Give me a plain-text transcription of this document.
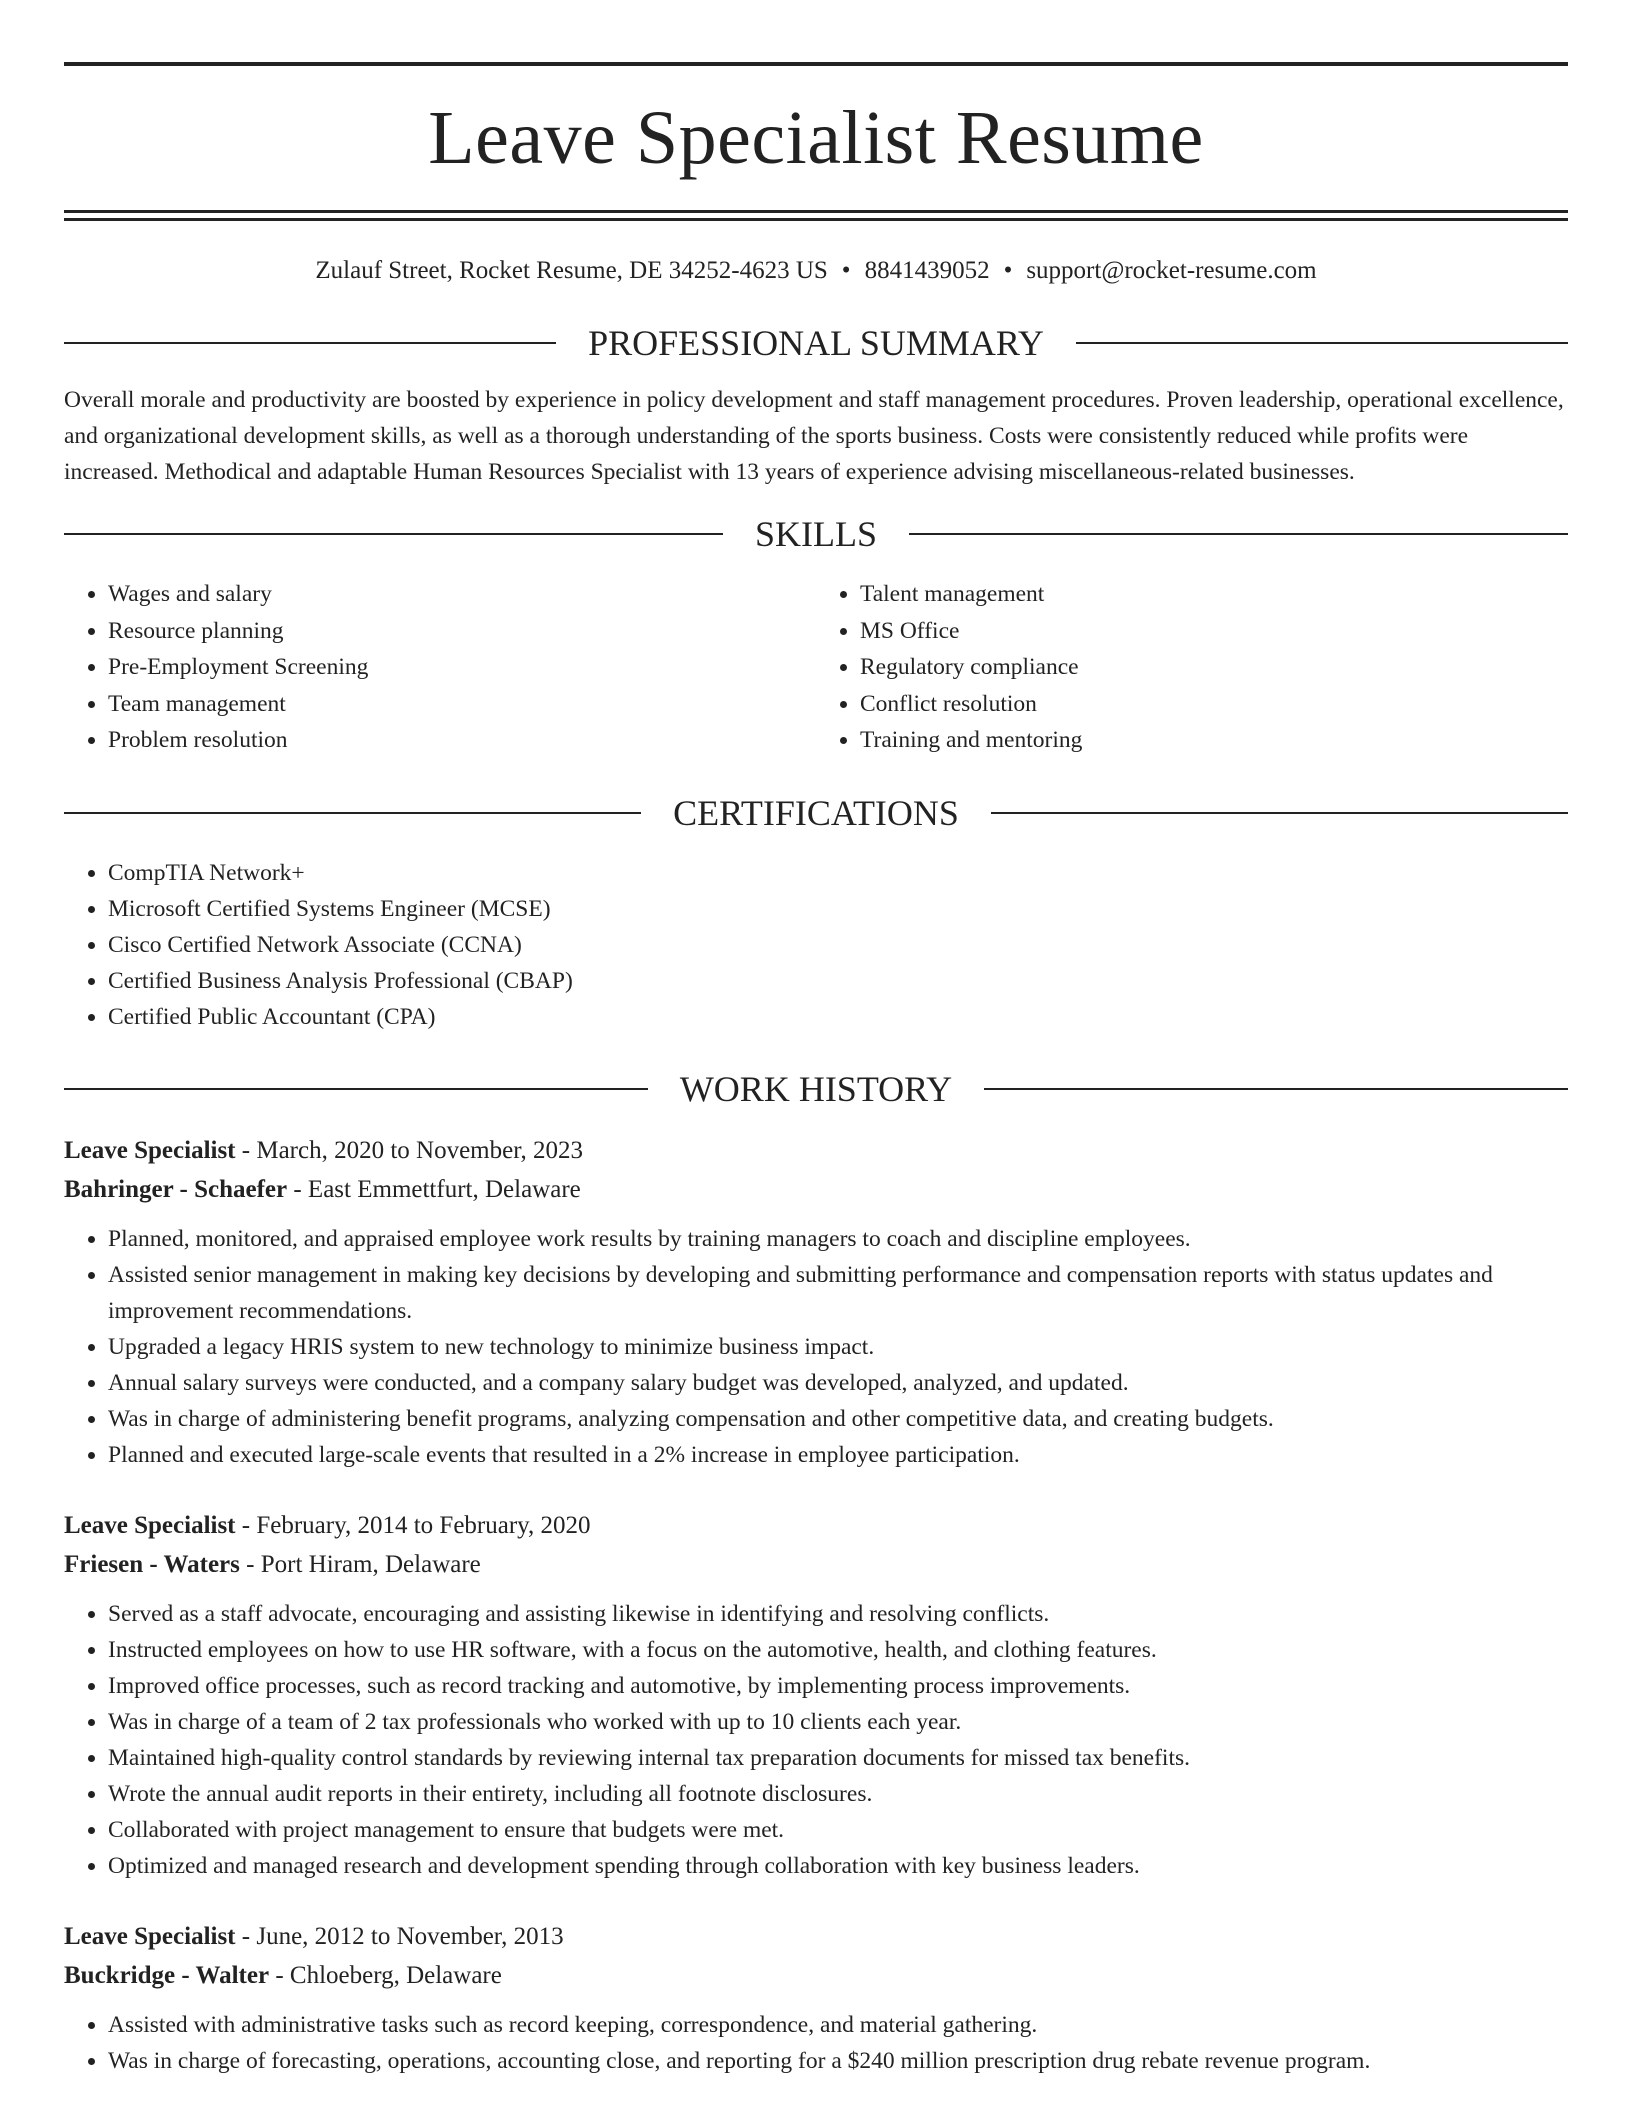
Leave Specialist Resume
Zulauf Street, Rocket Resume, DE 34252-4623 US • 8841439052 • support@rocket-resume.com
PROFESSIONAL SUMMARY

Overall morale and productivity are boosted by experience in policy development and staff management procedures. Proven leadership, operational excellence, and organizational development skills, as well as a thorough understanding of the sports business. Costs were consistently reduced while profits were increased. Methodical and adaptable Human Resources Specialist with 13 years of experience advising miscellaneous-related businesses.

SKILLS
• Wages and salary
• Resource planning
• Pre-Employment Screening
• Team management
• Problem resolution
• Talent management
• MS Office
• Regulatory compliance
• Conflict resolution
• Training and mentoring
CERTIFICATIONS
• CompTIA Network+
• Microsoft Certified Systems Engineer (MCSE)
• Cisco Certified Network Associate (CCNA)
• Certified Business Analysis Professional (CBAP)
• Certified Public Accountant (CPA)
WORK HISTORY
Leave Specialist - March, 2020 to November, 2023
Bahringer - Schaefer - East Emmettfurt, Delaware
• Planned, monitored, and appraised employee work results by training managers to coach and discipline employees.
• Assisted senior management in making key decisions by developing and submitting performance and compensation reports with status updates and improvement recommendations.
• Upgraded a legacy HRIS system to new technology to minimize business impact.
• Annual salary surveys were conducted, and a company salary budget was developed, analyzed, and updated.
• Was in charge of administering benefit programs, analyzing compensation and other competitive data, and creating budgets.
• Planned and executed large-scale events that resulted in a 2% increase in employee participation.
Leave Specialist - February, 2014 to February, 2020
Friesen - Waters - Port Hiram, Delaware
• Served as a staff advocate, encouraging and assisting likewise in identifying and resolving conflicts.
• Instructed employees on how to use HR software, with a focus on the automotive, health, and clothing features.
• Improved office processes, such as record tracking and automotive, by implementing process improvements.
• Was in charge of a team of 2 tax professionals who worked with up to 10 clients each year.
• Maintained high-quality control standards by reviewing internal tax preparation documents for missed tax benefits.
• Wrote the annual audit reports in their entirety, including all footnote disclosures.
• Collaborated with project management to ensure that budgets were met.
• Optimized and managed research and development spending through collaboration with key business leaders.
Leave Specialist - June, 2012 to November, 2013
Buckridge - Walter - Chloeberg, Delaware
• Assisted with administrative tasks such as record keeping, correspondence, and material gathering.
• Was in charge of forecasting, operations, accounting close, and reporting for a $240 million prescription drug rebate revenue program.
